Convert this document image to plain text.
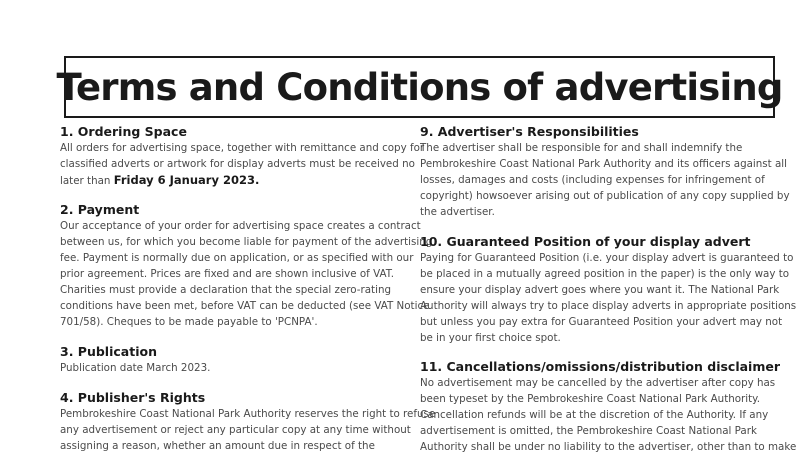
Terms and Conditions of advertising
1. Ordering Space

All orders for advertising space, together with remittance and copy for
classified adverts or artwork for display adverts must be received no
later than Friday 6 January 2023.

2. Payment

Our acceptance of your order for advertising space creates a contract
between us, for which you become liable for payment of the advertising
fee. Payment is normally due on application, or as specified with our
prior agreement. Prices are fixed and are shown inclusive of VAT.
Charities must provide a declaration that the special zero-rating
conditions have been met, before VAT can be deducted (see VAT Notice
701/58). Cheques to be made payable to 'PCNPA'.

3. Publication

Publication date March 2023.

4. Publisher's Rights

Pembrokeshire Coast National Park Authority reserves the right to refuse
any advertisement or reject any particular copy at any time without
assigning a reason, whether an amount due in respect of the

9. Advertiser's Responsibilities

The advertiser shall be responsible for and shall indemnify the
Pembrokeshire Coast National Park Authority and its officers against all
losses, damages and costs (including expenses for infringement of
copyright) howsoever arising out of publication of any copy supplied by
the advertiser.

10. Guaranteed Position of your display advert

Paying for Guaranteed Position (i.e. your display advert is guaranteed to
be placed in a mutually agreed position in the paper) is the only way to
ensure your display advert goes where you want it. The National Park
Authority will always try to place display adverts in appropriate positions
but unless you pay extra for Guaranteed Position your advert may not
be in your first choice spot.

11. Cancellations/omissions/distribution disclaimer

No advertisement may be cancelled by the advertiser after copy has
been typeset by the Pembrokeshire Coast National Park Authority.
Cancellation refunds will be at the discretion of the Authority. If any
advertisement is omitted, the Pembrokeshire Coast National Park
Authority shall be under no liability to the advertiser, other than to make
